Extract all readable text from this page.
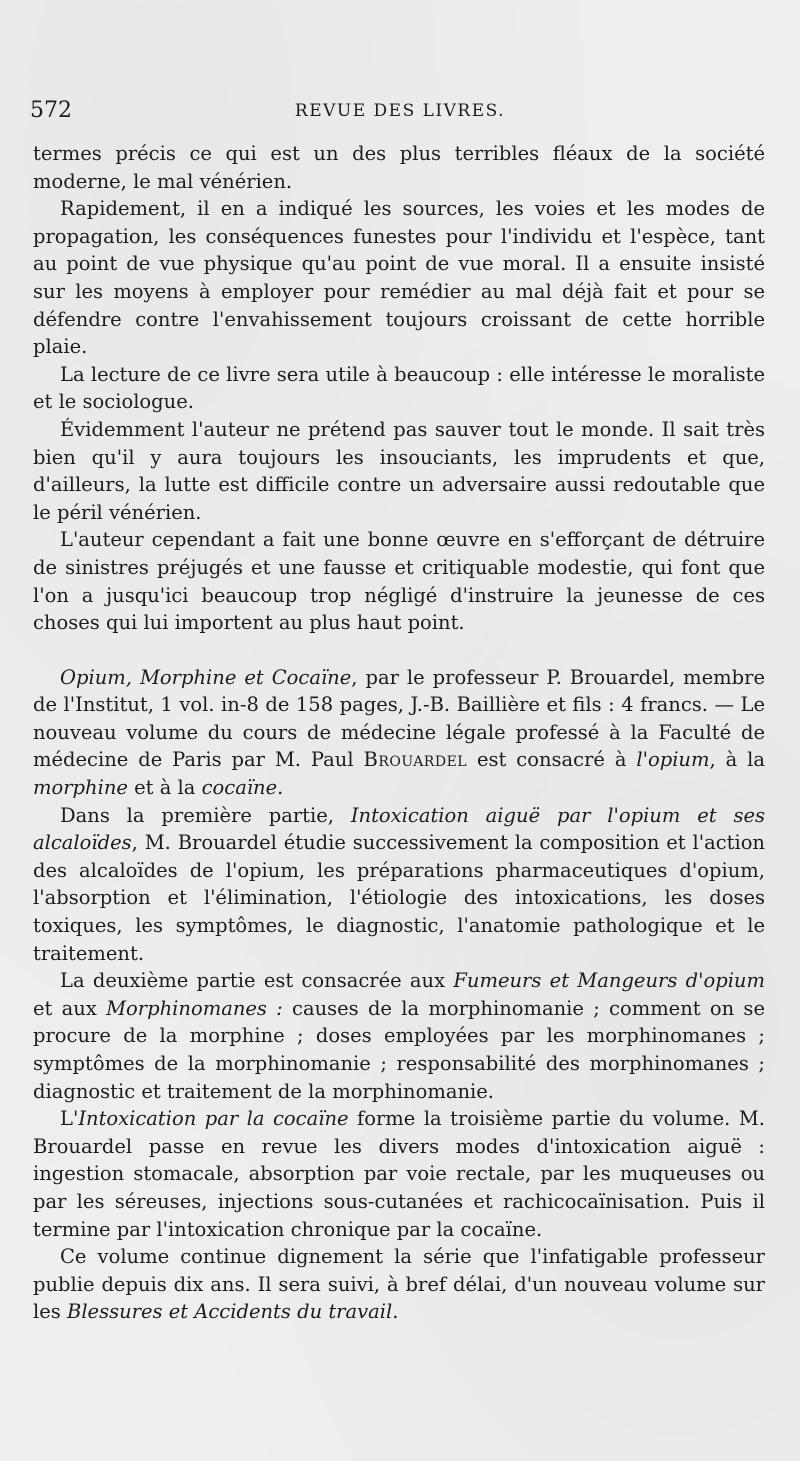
572	REVUE DES LIVRES.

termes précis ce qui est un des plus terribles fléaux de la société moderne, le mal vénérien.

Rapidement, il en a indiqué les sources, les voies et les modes de propagation, les conséquences funestes pour l'individu et l'espèce, tant au point de vue physique qu'au point de vue moral. Il a ensuite insisté sur les moyens à employer pour remédier au mal déjà fait et pour se défendre contre l'envahissement toujours croissant de cette horrible plaie.

La lecture de ce livre sera utile à beaucoup : elle intéresse le moraliste et le sociologue.

Évidemment l'auteur ne prétend pas sauver tout le monde. Il sait très bien qu'il y aura toujours les insouciants, les imprudents et que, d'ailleurs, la lutte est difficile contre un adversaire aussi redoutable que le péril vénérien.

L'auteur cependant a fait une bonne œuvre en s'efforçant de détruire de sinistres préjugés et une fausse et critiquable modestie, qui font que l'on a jusqu'ici beaucoup trop négligé d'instruire la jeunesse de ces choses qui lui importent au plus haut point.

Opium, Morphine et Cocaïne, par le professeur P. Brouardel, membre de l'Institut, 1 vol. in-8 de 158 pages, J.-B. Baillière et fils : 4 francs. — Le nouveau volume du cours de médecine légale professé à la Faculté de médecine de Paris par M. Paul Brouardel est consacré à l'opium, à la morphine et à la cocaïne.

Dans la première partie, Intoxication aiguë par l'opium et ses alcaloïdes, M. Brouardel étudie successivement la composition et l'action des alcaloïdes de l'opium, les préparations pharmaceutiques d'opium, l'absorption et l'élimination, l'étiologie des intoxications, les doses toxiques, les symptômes, le diagnostic, l'anatomie pathologique et le traitement.

La deuxième partie est consacrée aux Fumeurs et Mangeurs d'opium et aux Morphinomanes : causes de la morphinomanie ; comment on se procure de la morphine ; doses employées par les morphinomanes ; symptômes de la morphinomanie ; responsabilité des morphinomanes ; diagnostic et traitement de la morphinomanie.

L'Intoxication par la cocaïne forme la troisième partie du volume. M. Brouardel passe en revue les divers modes d'intoxication aiguë : ingestion stomacale, absorption par voie rectale, par les muqueuses ou par les séreuses, injections sous-cutanées et rachicocaïnisation. Puis il termine par l'intoxication chronique par la cocaïne.

Ce volume continue dignement la série que l'infatigable professeur publie depuis dix ans. Il sera suivi, à bref délai, d'un nouveau volume sur les Blessures et Accidents du travail.
